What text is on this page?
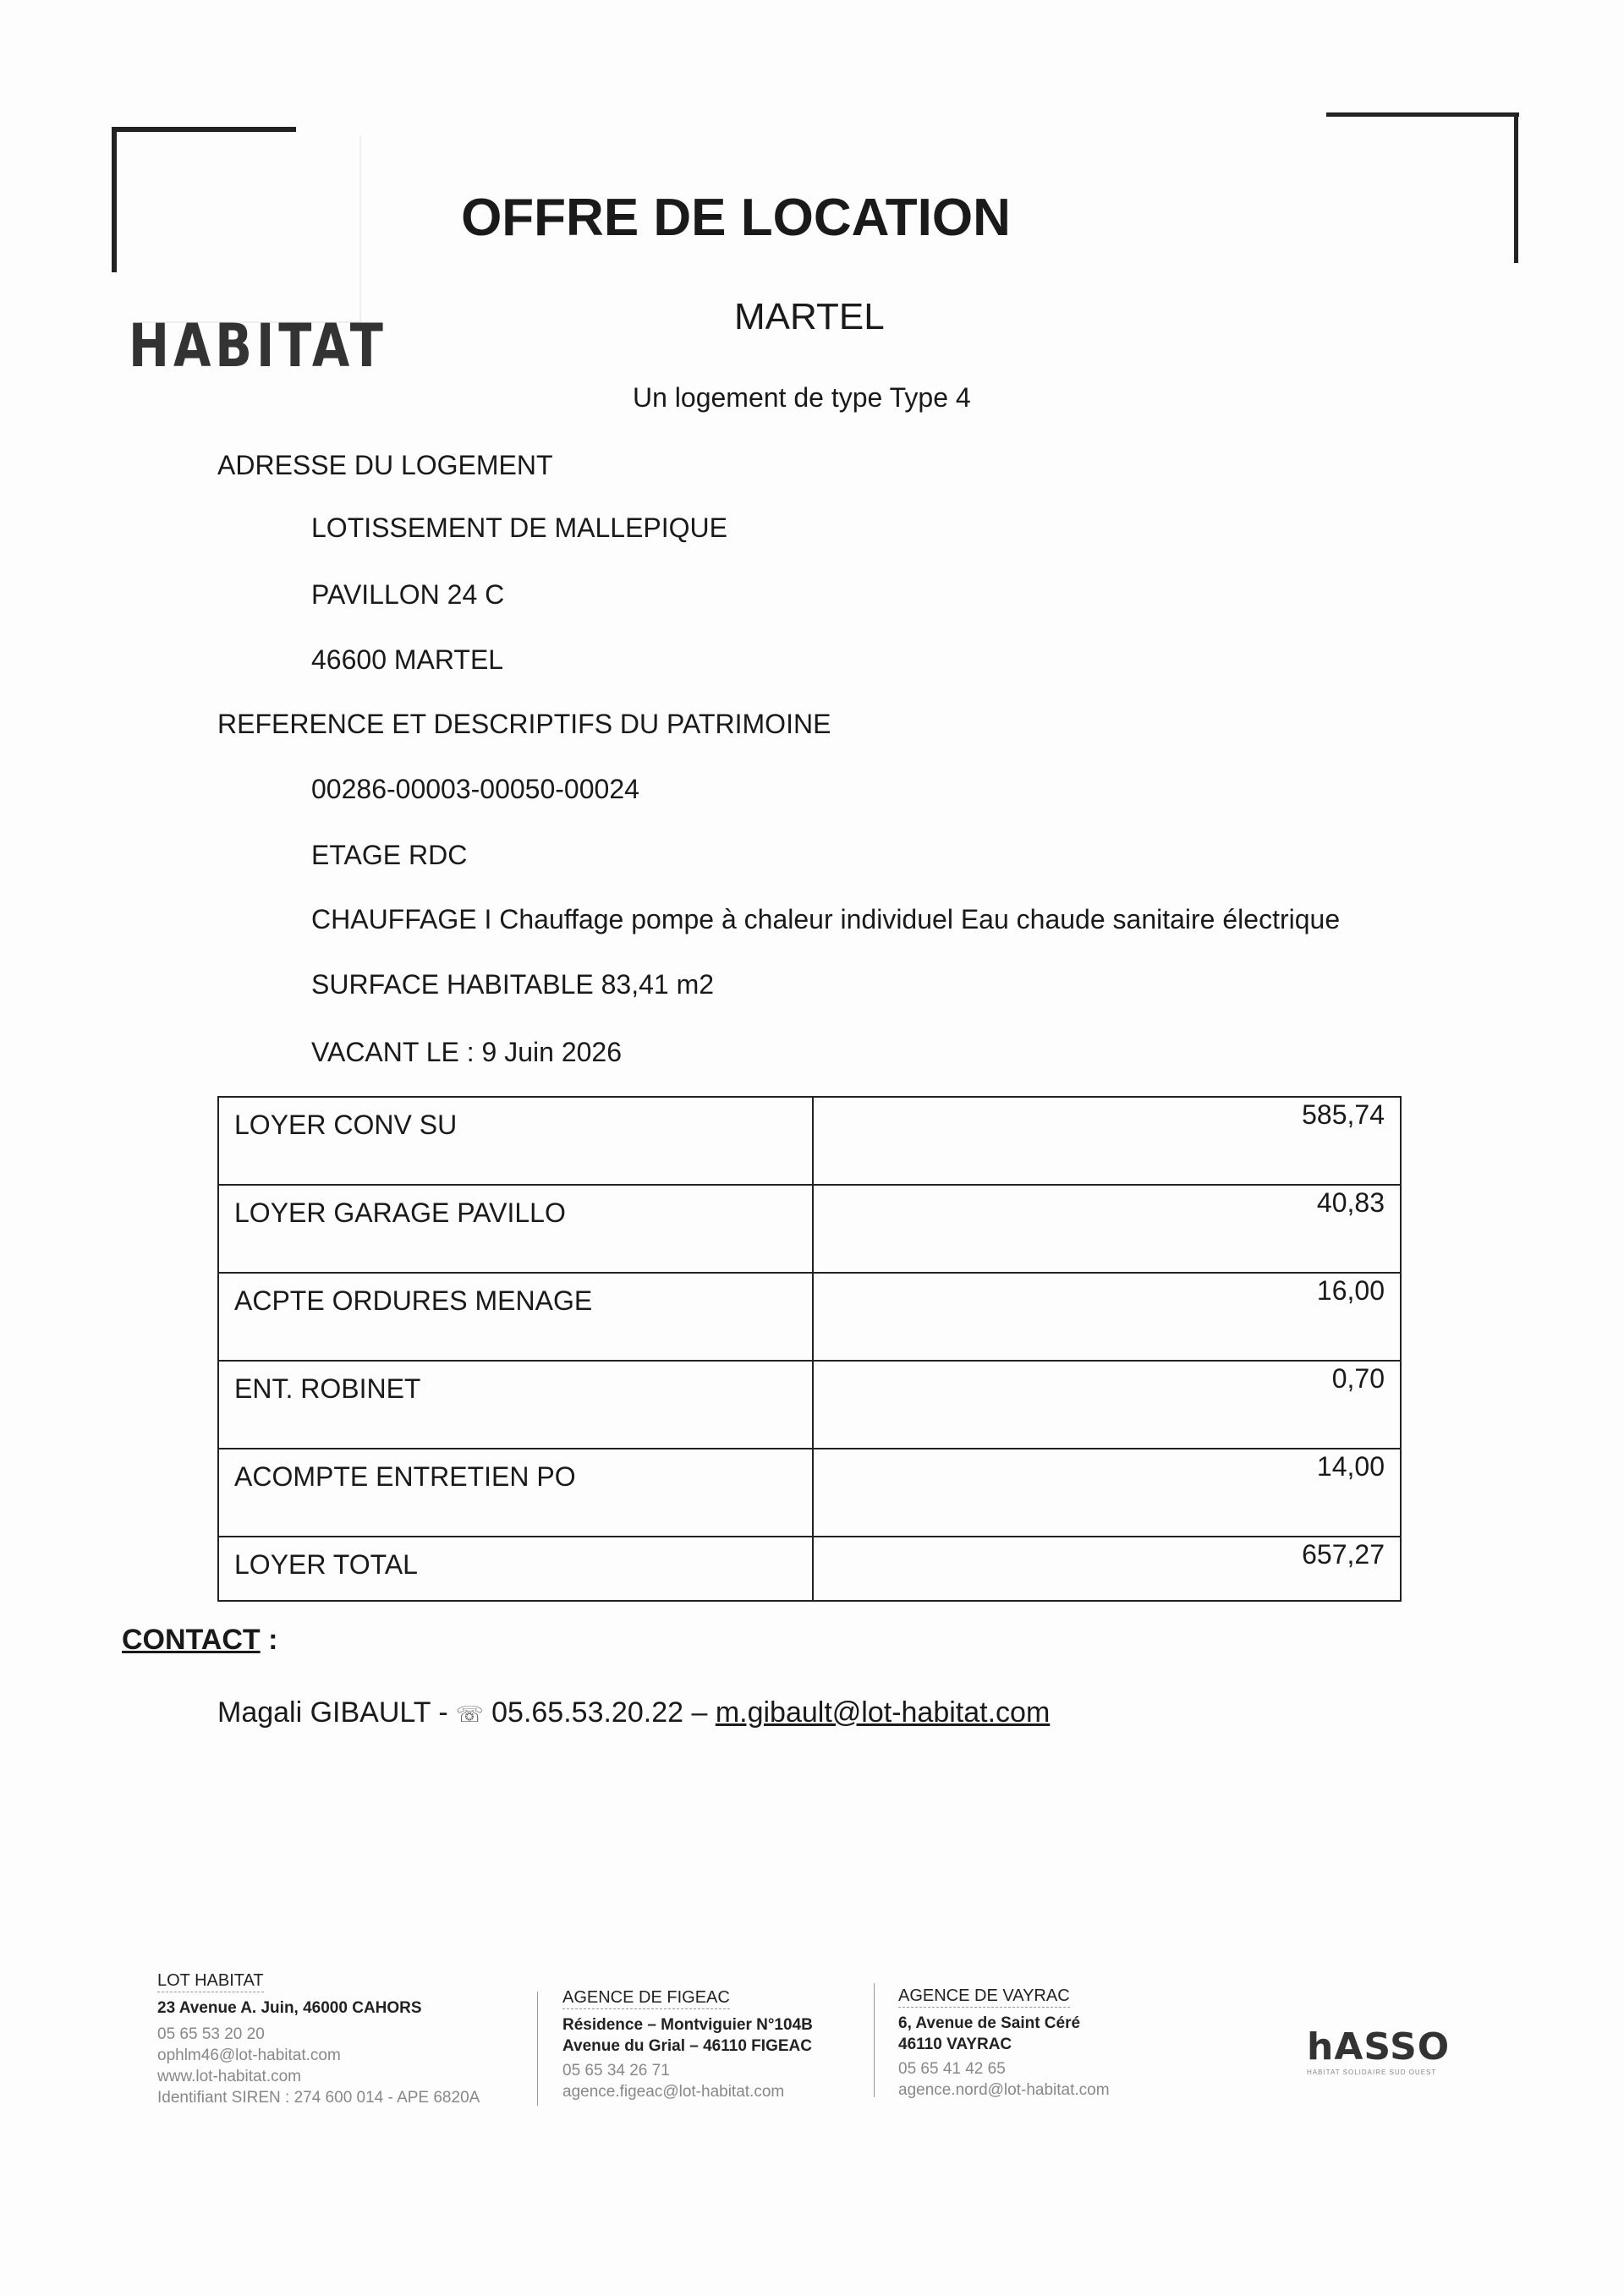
HABITAT
OFFRE DE LOCATION
MARTEL
Un logement de type Type 4
ADRESSE DU LOGEMENT
LOTISSEMENT DE MALLEPIQUE
PAVILLON 24 C
46600 MARTEL
REFERENCE ET DESCRIPTIFS DU PATRIMOINE
00286-00003-00050-00024
ETAGE RDC
CHAUFFAGE I Chauffage pompe à chaleur individuel Eau chaude sanitaire électrique
SURFACE HABITABLE 83,41 m2
VACANT LE : 9 Juin 2026
LOYER CONV SU	585,74
LOYER GARAGE PAVILLO	40,83
ACPTE ORDURES MENAGE	16,00
ENT. ROBINET	0,70
ACOMPTE ENTRETIEN PO	14,00
LOYER TOTAL	657,27
CONTACT :
Magali GIBAULT - ☏ 05.65.53.20.22 – m.gibault@lot-habitat.com
LOT HABITAT
23 Avenue A. Juin, 46000 CAHORS
05 65 53 20 20
ophlm46@lot-habitat.com
www.lot-habitat.com
Identifiant SIREN : 274 600 014 - APE 6820A
AGENCE DE FIGEAC
Résidence – Montviguier N°104B
Avenue du Grial – 46110 FIGEAC
05 65 34 26 71
agence.figeac@lot-habitat.com
AGENCE DE VAYRAC
6, Avenue de Saint Céré
46110 VAYRAC
05 65 41 42 65
agence.nord@lot-habitat.com
hASSO
HABITAT SOLIDAIRE SUD OUEST
